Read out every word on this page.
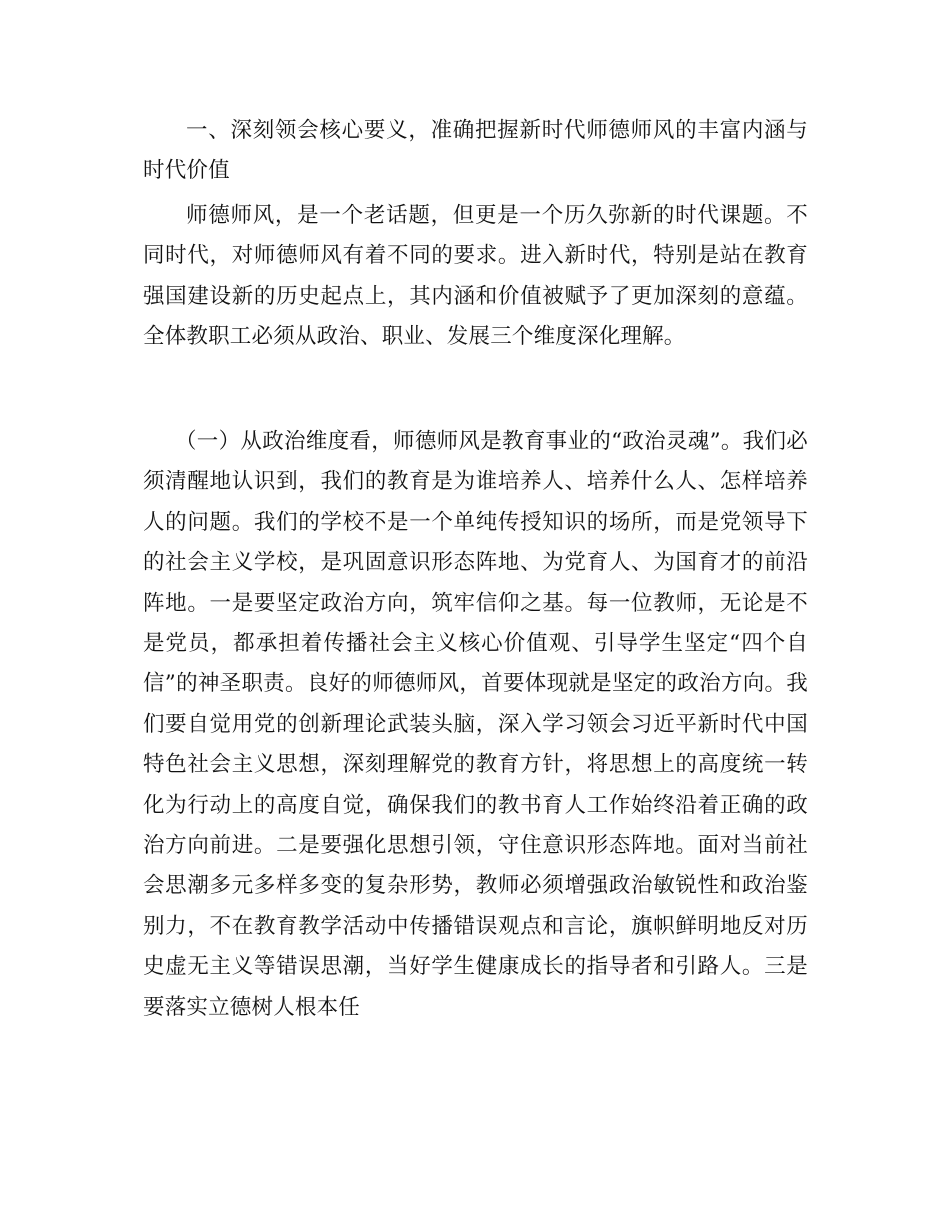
一、深刻领会核心要义，准确把握新时代师德师风的丰富内涵与时代价值

师德师风，是一个老话题，但更是一个历久弥新的时代课题。不同时代，对师德师风有着不同的要求。进入新时代，特别是站在教育强国建设新的历史起点上，其内涵和价值被赋予了更加深刻的意蕴。全体教职工必须从政治、职业、发展三个维度深化理解。

（一）从政治维度看，师德师风是教育事业的“政治灵魂”。我们必须清醒地认识到，我们的教育是为谁培养人、培养什么人、怎样培养人的问题。我们的学校不是一个单纯传授知识的场所，而是党领导下的社会主义学校，是巩固意识形态阵地、为党育人、为国育才的前沿阵地。一是要坚定政治方向，筑牢信仰之基。每一位教师，无论是不是党员，都承担着传播社会主义核心价值观、引导学生坚定“四个自信”的神圣职责。良好的师德师风，首要体现就是坚定的政治方向。我们要自觉用党的创新理论武装头脑，深入学习领会习近平新时代中国特色社会主义思想，深刻理解党的教育方针，将思想上的高度统一转化为行动上的高度自觉，确保我们的教书育人工作始终沿着正确的政治方向前进。二是要强化思想引领，守住意识形态阵地。面对当前社会思潮多元多样多变的复杂形势，教师必须增强政治敏锐性和政治鉴别力，不在教育教学活动中传播错误观点和言论，旗帜鲜明地反对历史虚无主义等错误思潮，当好学生健康成长的指导者和引路人。三是要落实立德树人根本任
